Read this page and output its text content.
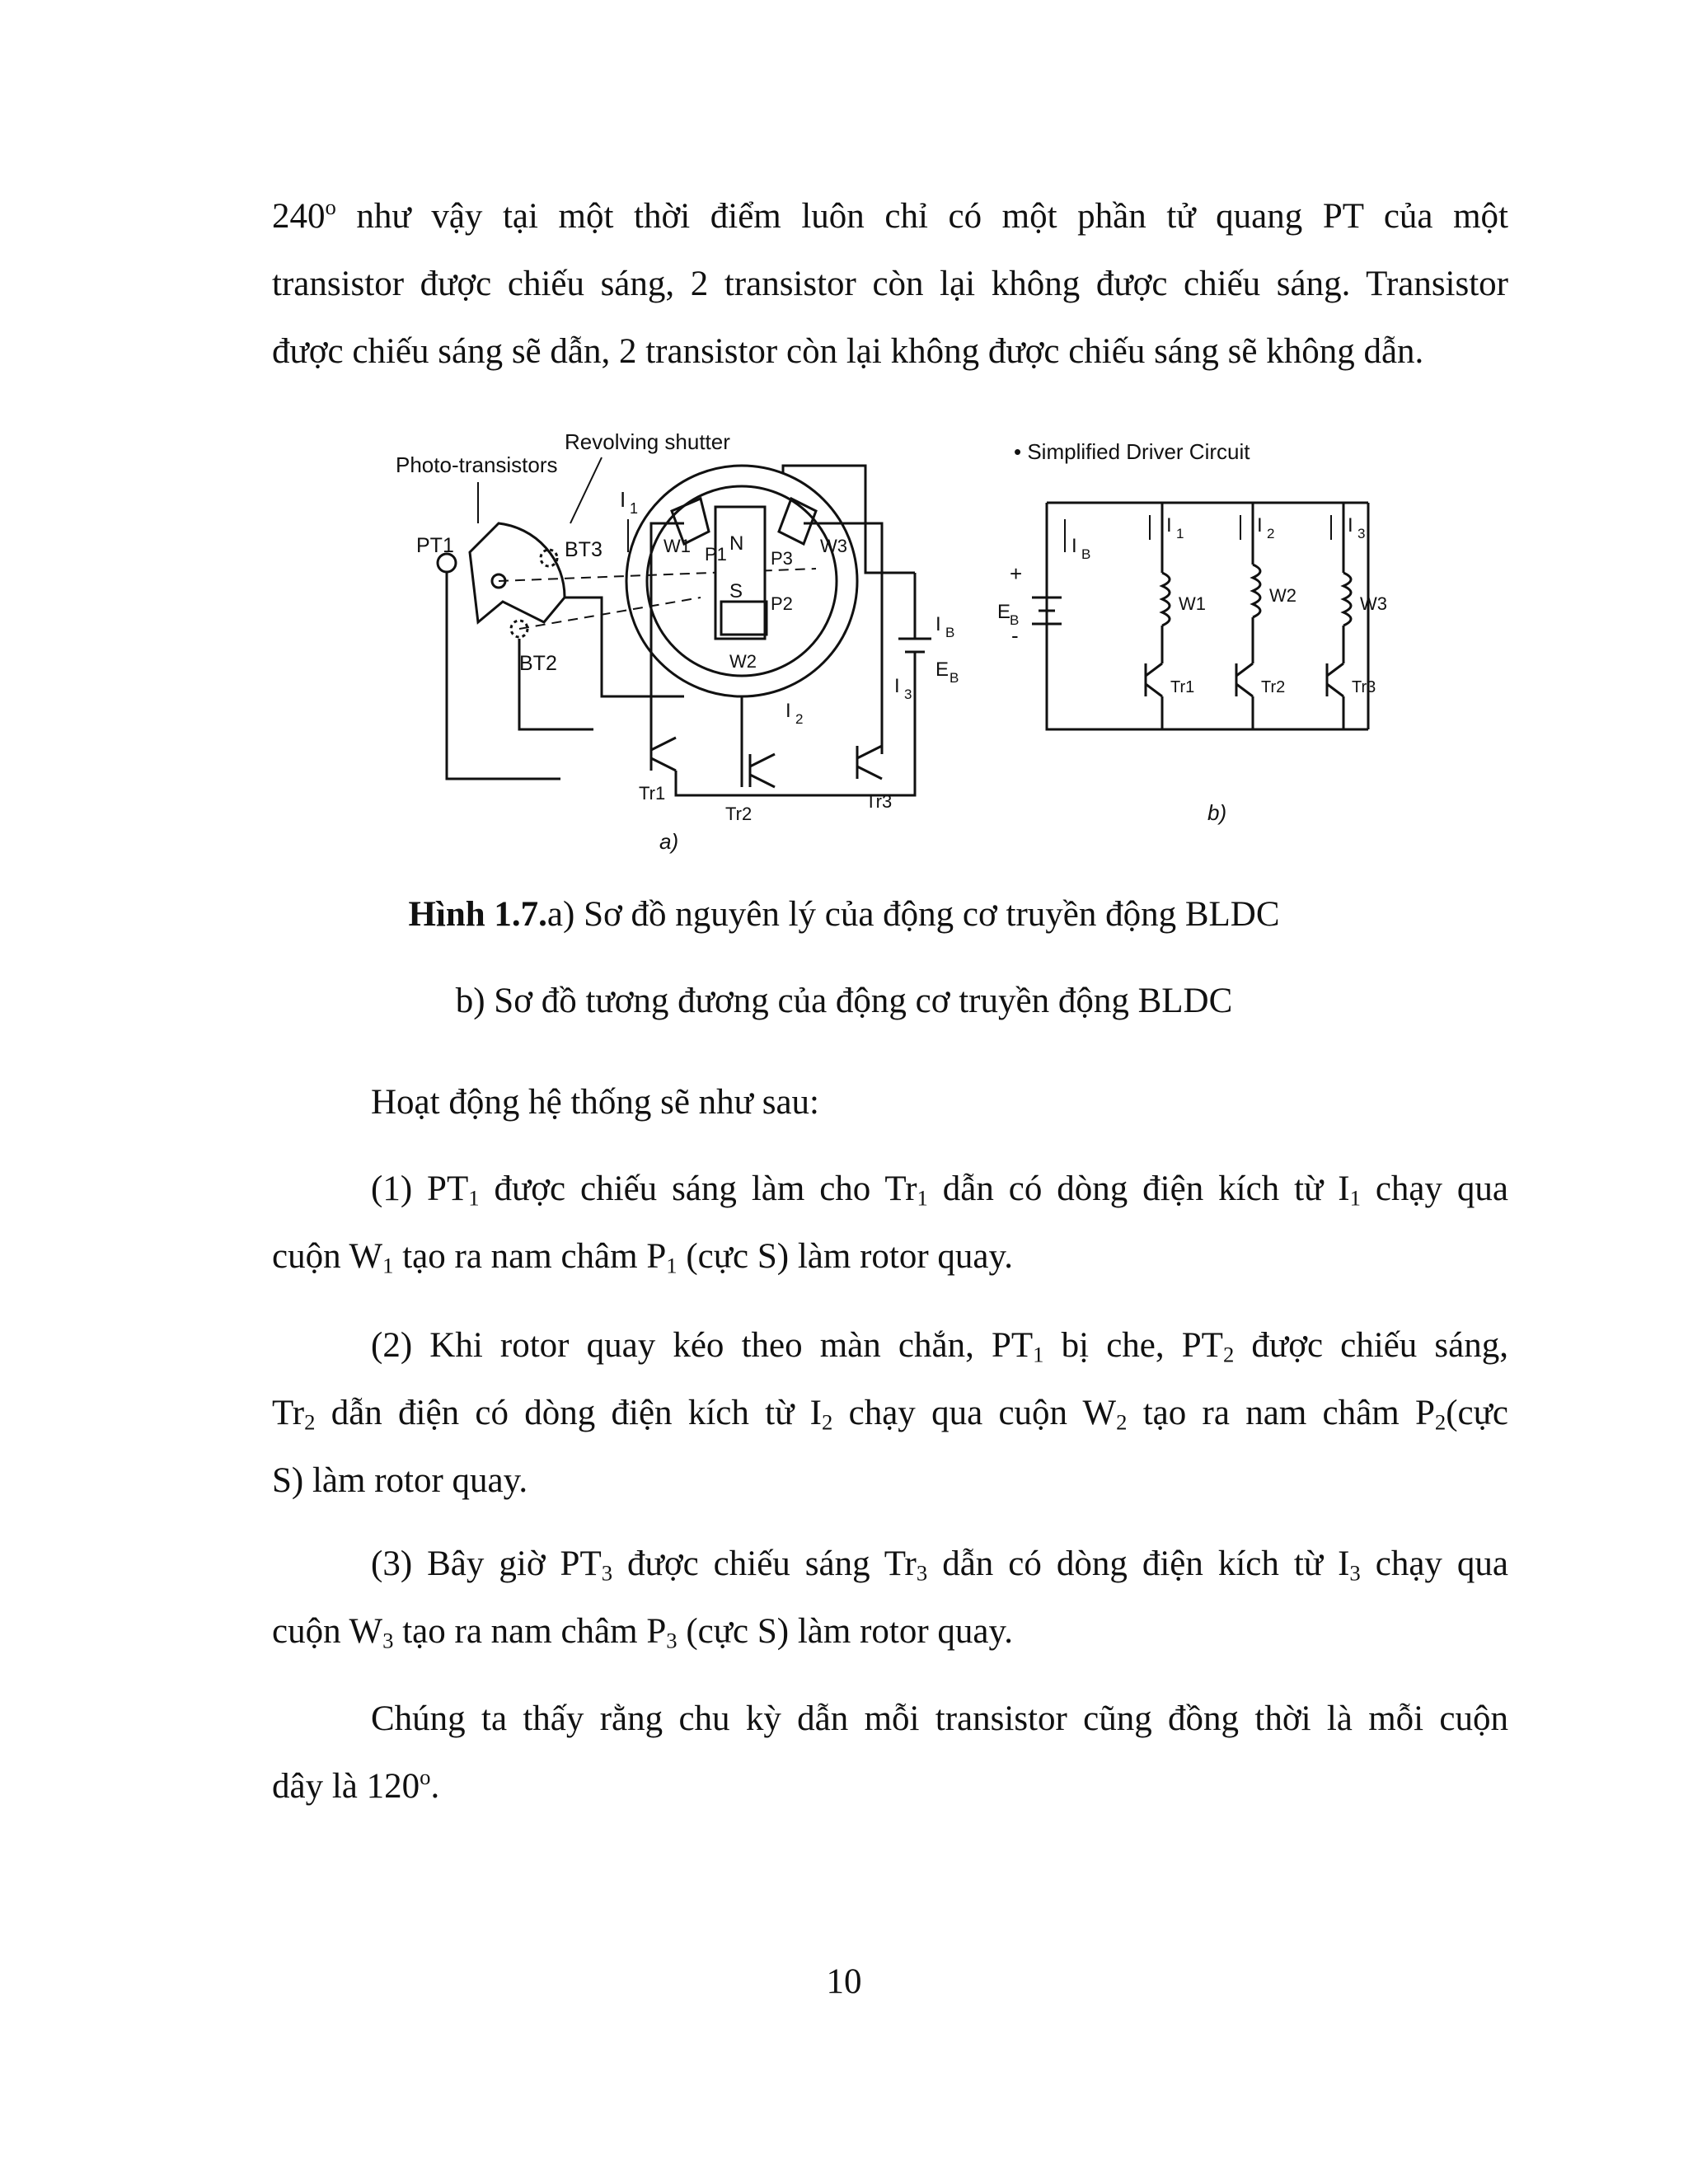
240$^o$ như vậy tại một thời điểm luôn chỉ có một phần tử quang PT của một
transistor được chiếu sáng, 2 transistor còn lại không được chiếu sáng. Transistor
được chiếu sáng sẽ dẫn, 2 transistor còn lại không được chiếu sáng sẽ không dẫn.
Revolving shutter
Photo-transistors
PT1	BT3
BT2
I 1
N
S
W1 P1 P3
W3
P2
W2
I B
E B
I 3
I 2
Tr1
Tr2
Tr3
a)
• Simplified Driver Circuit
+
-
E
B
I B
I 1
W1
Tr1
I 2
W2
Tr2
I 3
W3
Tr3
b)

Hình 1.7.a) Sơ đồ nguyên lý của động cơ truyền động BLDC

b) Sơ đồ tương đương của động cơ truyền động BLDC

Hoạt động hệ thống sẽ như sau:
(1) $PT_1$ được chiếu sáng làm cho $Tr_1$ dẫn có dòng điện kích từ $I_1$ chạy qua
cuộn $W_1$ tạo ra nam châm $P_1$ (cực S) làm rotor quay.
(2) Khi rotor quay kéo theo màn chắn, $PT_1$ bị che, $PT_2$ được chiếu sáng,
$Tr_2$ dẫn điện có dòng điện kích từ $I_2$ chạy qua cuộn $W_2$ tạo ra nam châm $P_2(cực$
S) làm rotor quay.
(3) Bây giờ $PT_3$ được chiếu sáng $Tr_3$ dẫn có dòng điện kích từ $I_3$ chạy qua
cuộn $W_3$ tạo ra nam châm $P_3$ (cực S) làm rotor quay.
Chúng ta thấy rằng chu kỳ dẫn mỗi transistor cũng đồng thời là mỗi cuộn
dây là 120$^o$.

10
